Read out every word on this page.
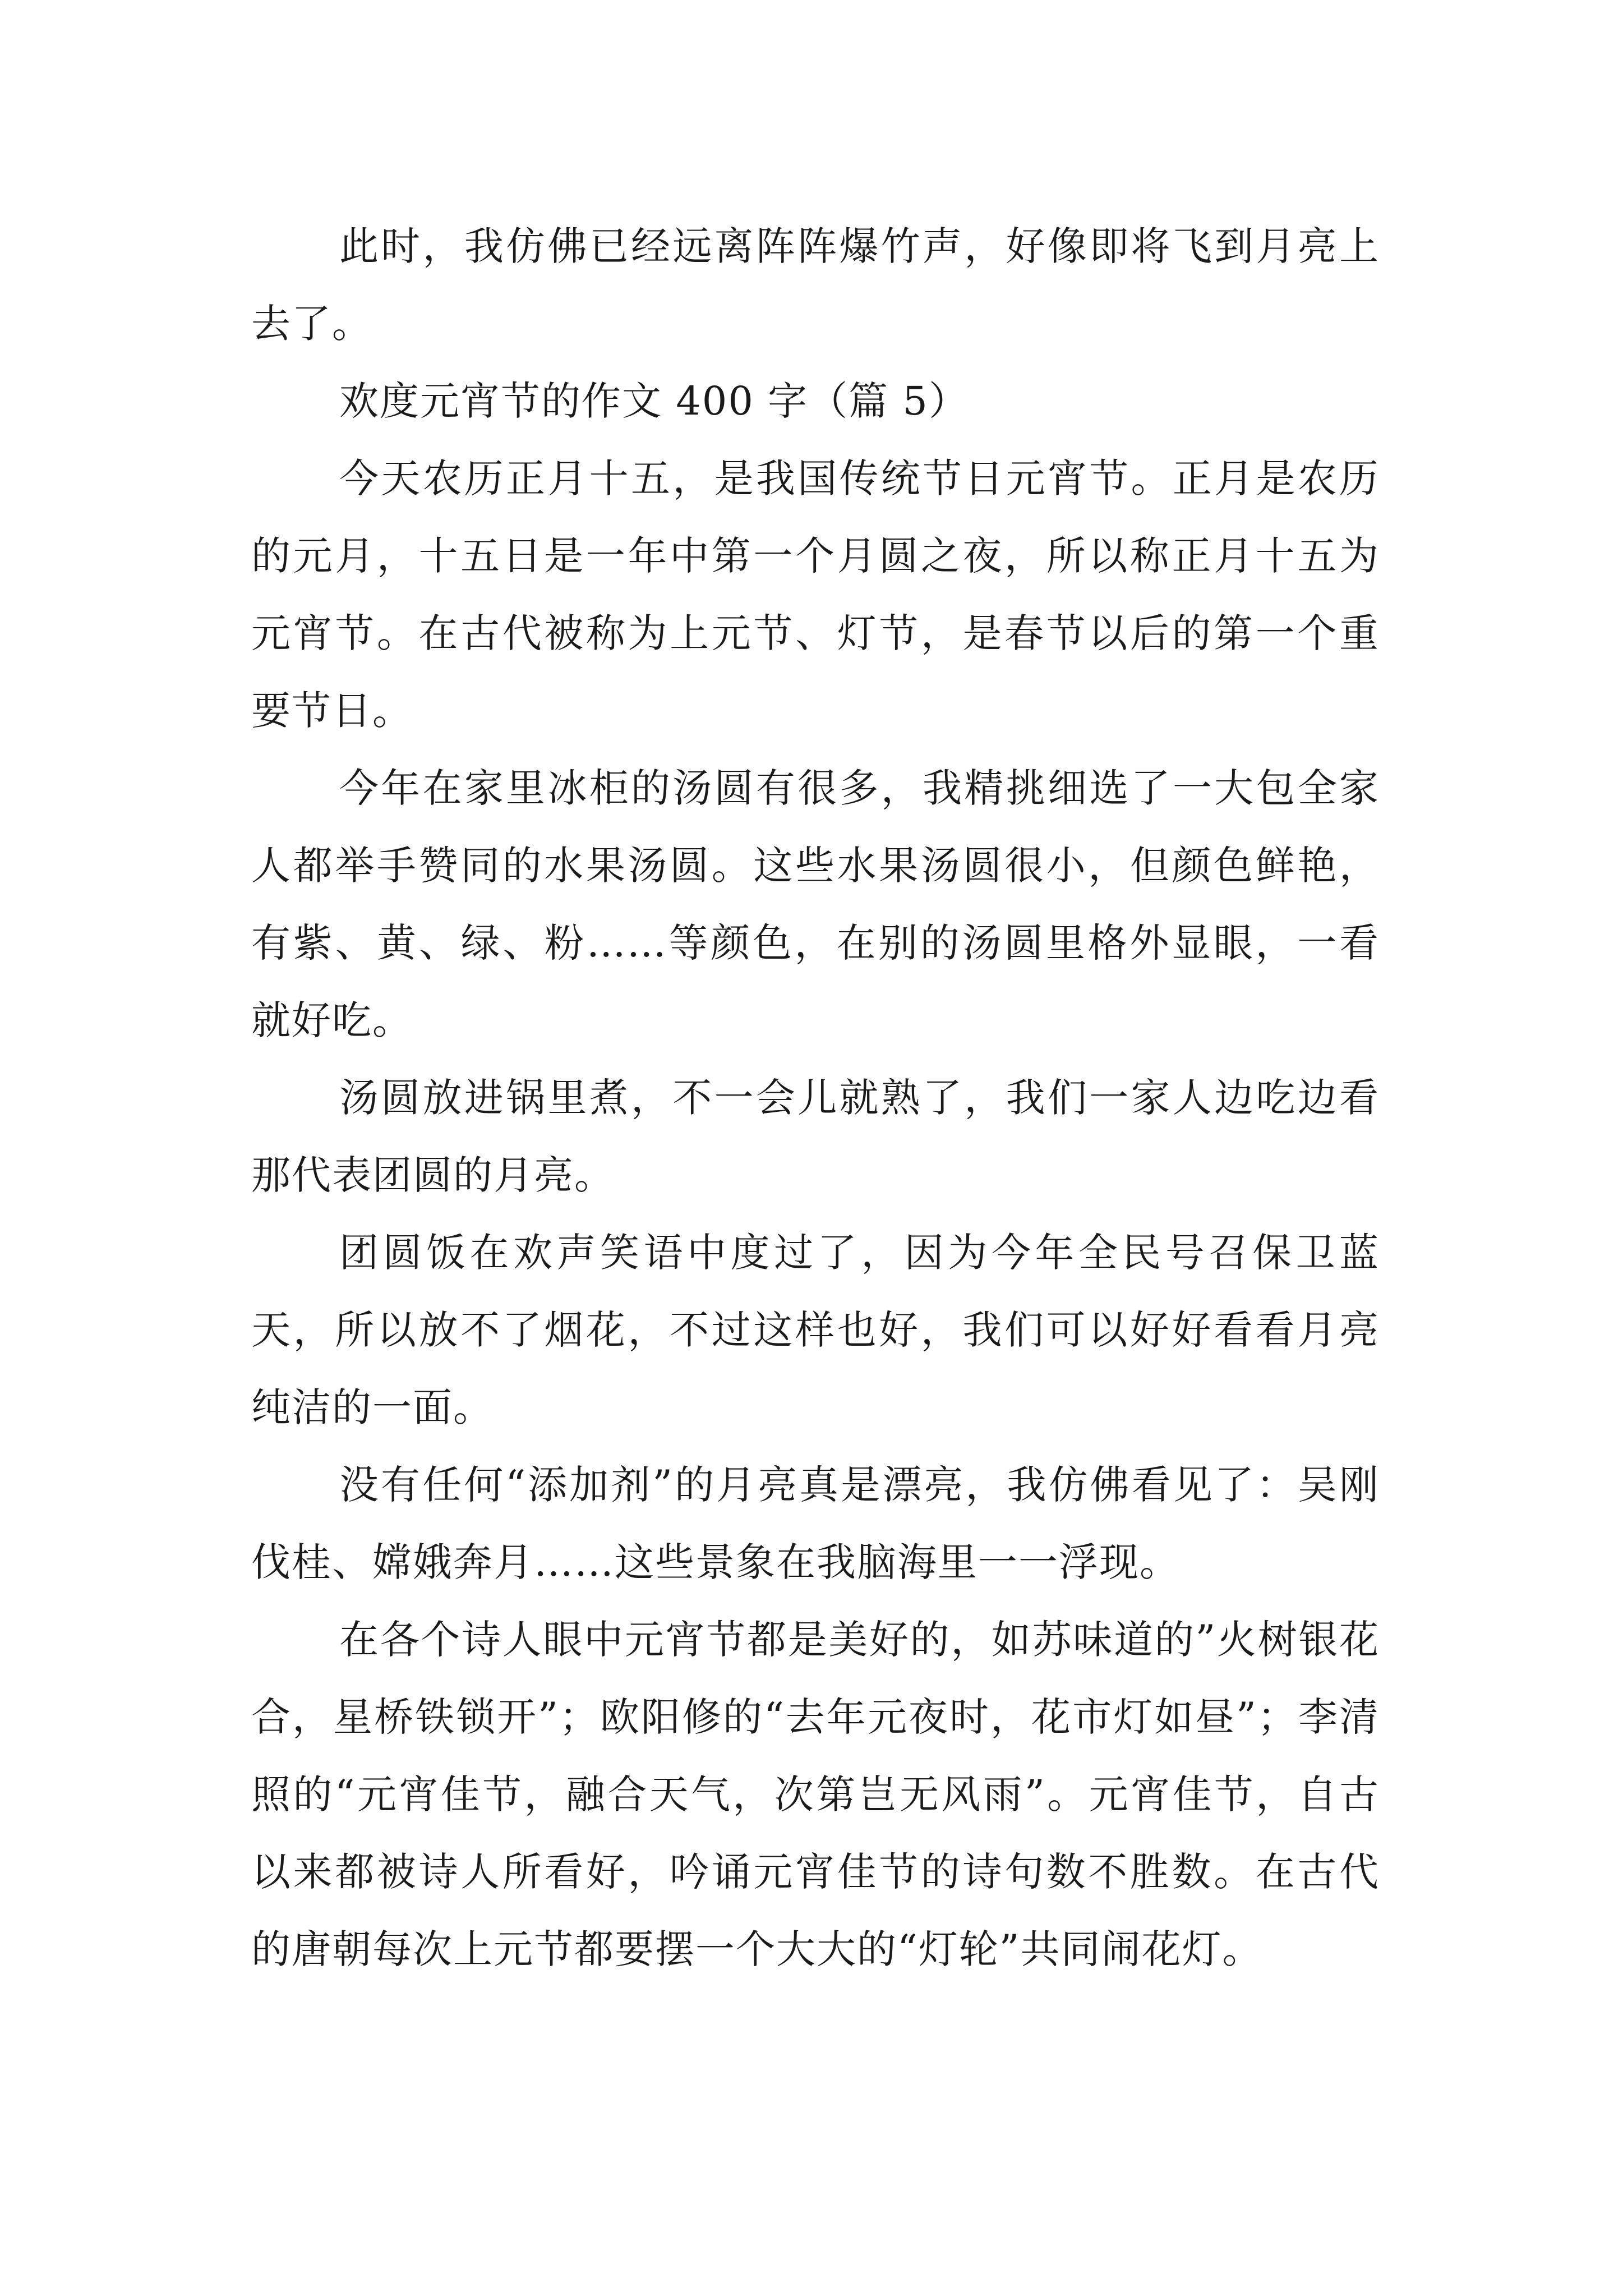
此时，我仿佛已经远离阵阵爆竹声，好像即将飞到月亮上去了。

欢度元宵节的作文 400 字（篇 5）

今天农历正月十五，是我国传统节日元宵节。正月是农历的元月，十五日是一年中第一个月圆之夜，所以称正月十五为元宵节。在古代被称为上元节、灯节，是春节以后的第一个重要节日。

今年在家里冰柜的汤圆有很多，我精挑细选了一大包全家人都举手赞同的水果汤圆。这些水果汤圆很小，但颜色鲜艳，有紫、黄、绿、粉……等颜色，在别的汤圆里格外显眼，一看就好吃。

汤圆放进锅里煮，不一会儿就熟了，我们一家人边吃边看那代表团圆的月亮。

团圆饭在欢声笑语中度过了，因为今年全民号召保卫蓝天，所以放不了烟花，不过这样也好，我们可以好好看看月亮纯洁的一面。

没有任何“添加剂”的月亮真是漂亮，我仿佛看见了：吴刚伐桂、嫦娥奔月……这些景象在我脑海里一一浮现。

在各个诗人眼中元宵节都是美好的，如苏味道的”火树银花合，星桥铁锁开”；欧阳修的“去年元夜时，花市灯如昼”；李清照的“元宵佳节，融合天气，次第岂无风雨”。元宵佳节，自古以来都被诗人所看好，吟诵元宵佳节的诗句数不胜数。在古代的唐朝每次上元节都要摆一个大大的“灯轮”共同闹花灯。
